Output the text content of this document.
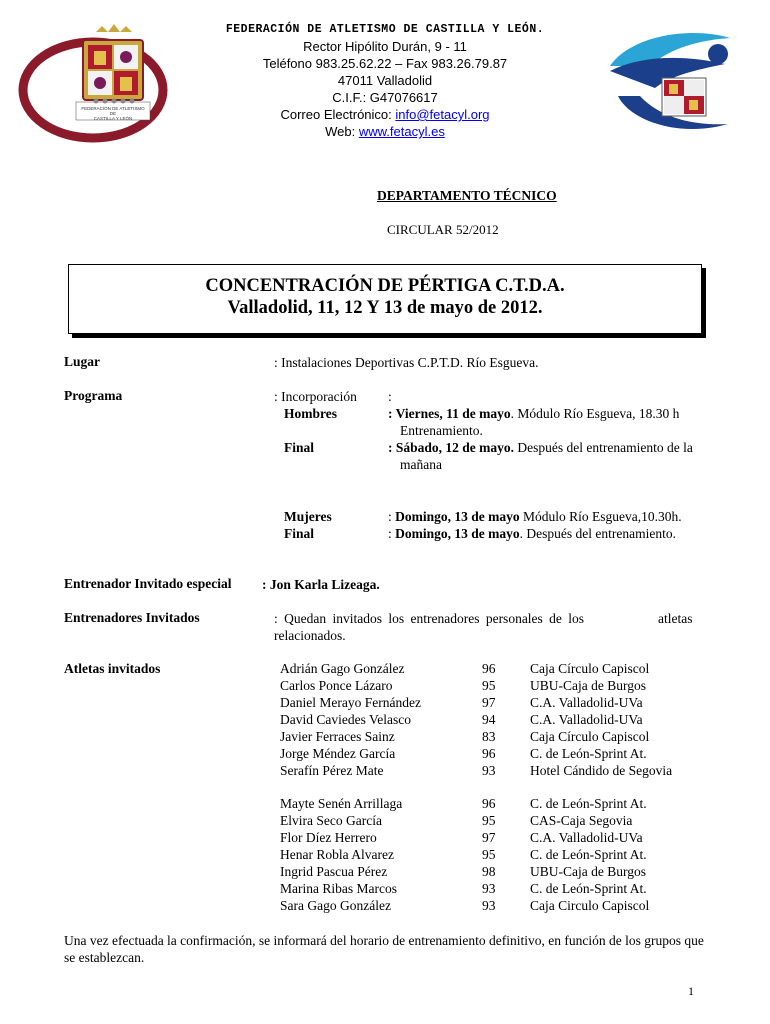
FEDERACIÓN DE ATLETISMO
DE
CASTILLA Y LEÓN
FEDERACIÓN DE ATLETISMO DE CASTILLA Y LEÓN.
Rector Hipólito Durán, 9 - 11
Teléfono 983.25.62.22 – Fax 983.26.79.87
47011 Valladolid
C.I.F.: G47076617
Correo Electrónico: info@fetacyl.org
Web: www.fetacyl.es
DEPARTAMENTO TÉCNICO
CIRCULAR 52/2012
CONCENTRACIÓN DE PÉRTIGA C.T.D.A.
Valladolid, 11, 12 Y 13 de mayo de 2012.
Lugar	: Instalaciones Deportivas C.P.T.D. Río Esgueva.
Programa	: Incorporación :
Hombres	: Viernes, 11 de mayo. Módulo Río Esgueva, 18.30 h
Entrenamiento.
Final	: Sábado, 12 de mayo. Después del entrenamiento de la
mañana
Mujeres	: Domingo, 13 de mayo Módulo Río Esgueva,10.30h.
Final	: Domingo, 13 de mayo. Después del entrenamiento.
Entrenador Invitado especial : Jon Karla Lizeaga.
Entrenadores Invitados	: Quedan invitados los entrenadores personales de los	atletas
relacionados.
Atletas invitados	Adrián Gago González	96	Caja Círculo Capiscol
Carlos Ponce Lázaro	95	UBU-Caja de Burgos
Daniel Merayo Fernández	97	C.A. Valladolid-UVa
David Caviedes Velasco	94	C.A. Valladolid-UVa
Javier Ferraces Sainz	83	Caja Círculo Capiscol
Jorge Méndez García	96	C. de León-Sprint At.
Serafín Pérez Mate	93	Hotel Cándido de Segovia
Mayte Senén Arrillaga	96	C. de León-Sprint At.
Elvira Seco García	95	CAS-Caja Segovia
Flor Díez Herrero	97	C.A. Valladolid-UVa
Henar Robla Alvarez	95	C. de León-Sprint At.
Ingrid Pascua Pérez	98	UBU-Caja de Burgos
Marina Ribas Marcos	93	C. de León-Sprint At.
Sara Gago González	93	Caja Circulo Capiscol
Una vez efectuada la confirmación, se informará del horario de entrenamiento definitivo, en función de los grupos que se establezcan.
1
